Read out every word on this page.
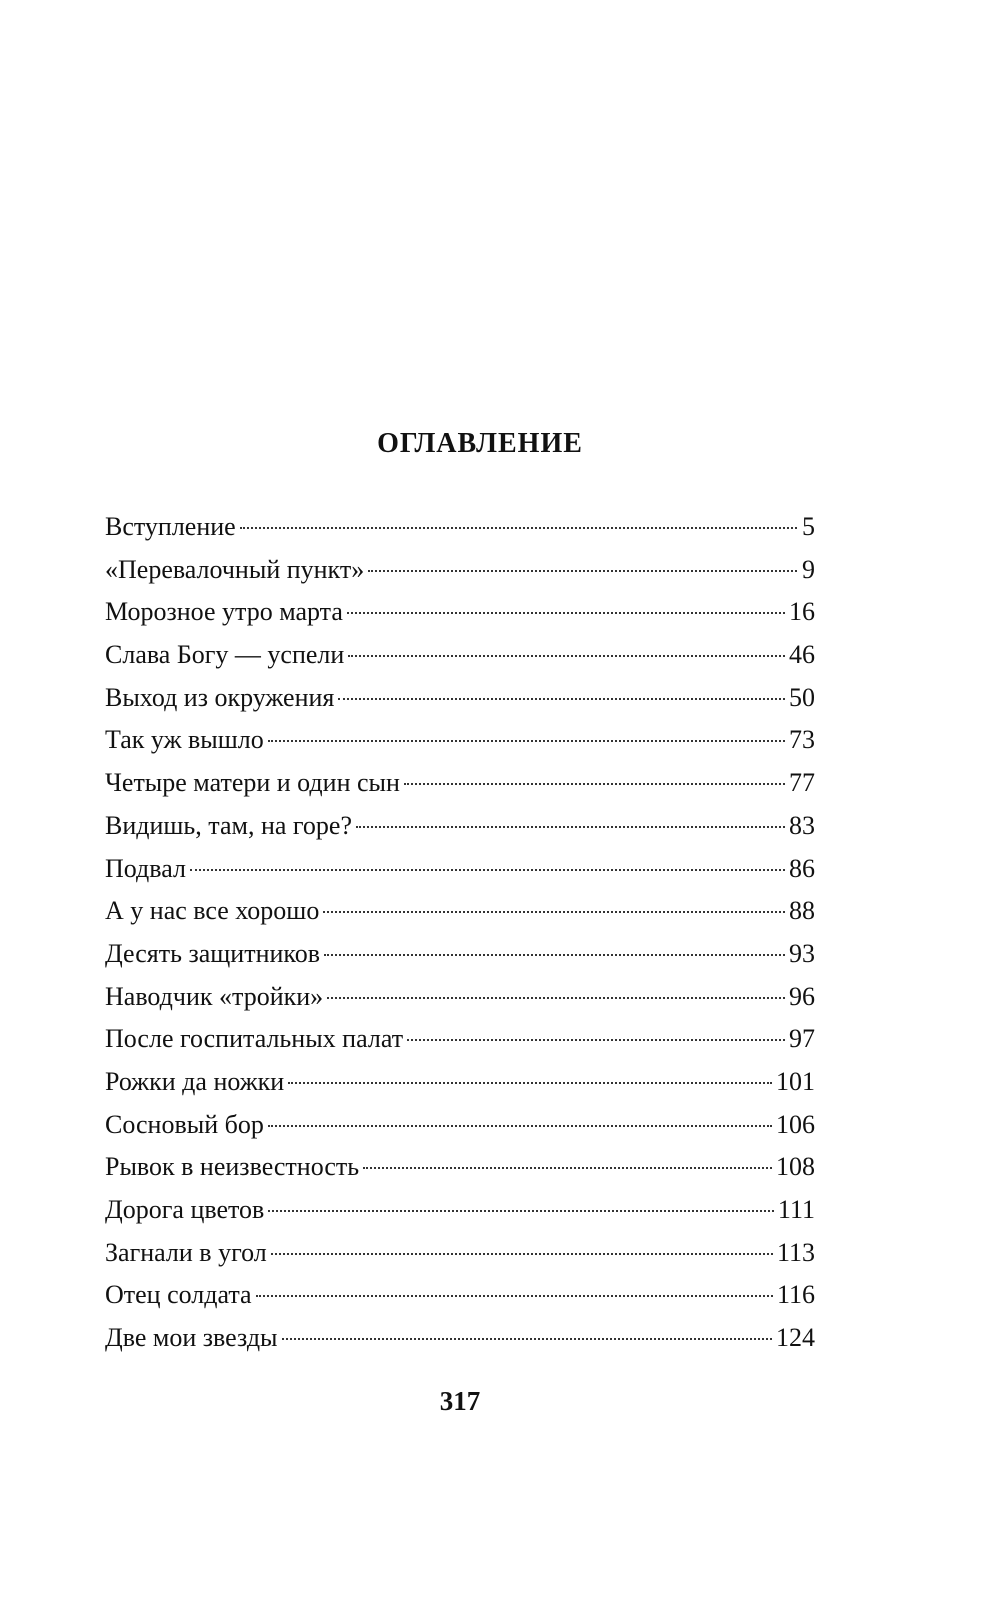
ОГЛАВЛЕНИЕ
Вступление	5
«Перевалочный пункт»	9
Морозное утро марта	16
Слава Богу — успели	46
Выход из окружения	50
Так уж вышло	73
Четыре матери и один сын	77
Видишь, там, на горе?	83
Подвал	86
А у нас все хорошо	88
Десять защитников	93
Наводчик «тройки»	96
После госпитальных палат	97
Рожки да ножки	101
Сосновый бор	106
Рывок в неизвестность	108
Дорога цветов	111
Загнали в угол	113
Отец солдата	116
Две мои звезды	124
317
